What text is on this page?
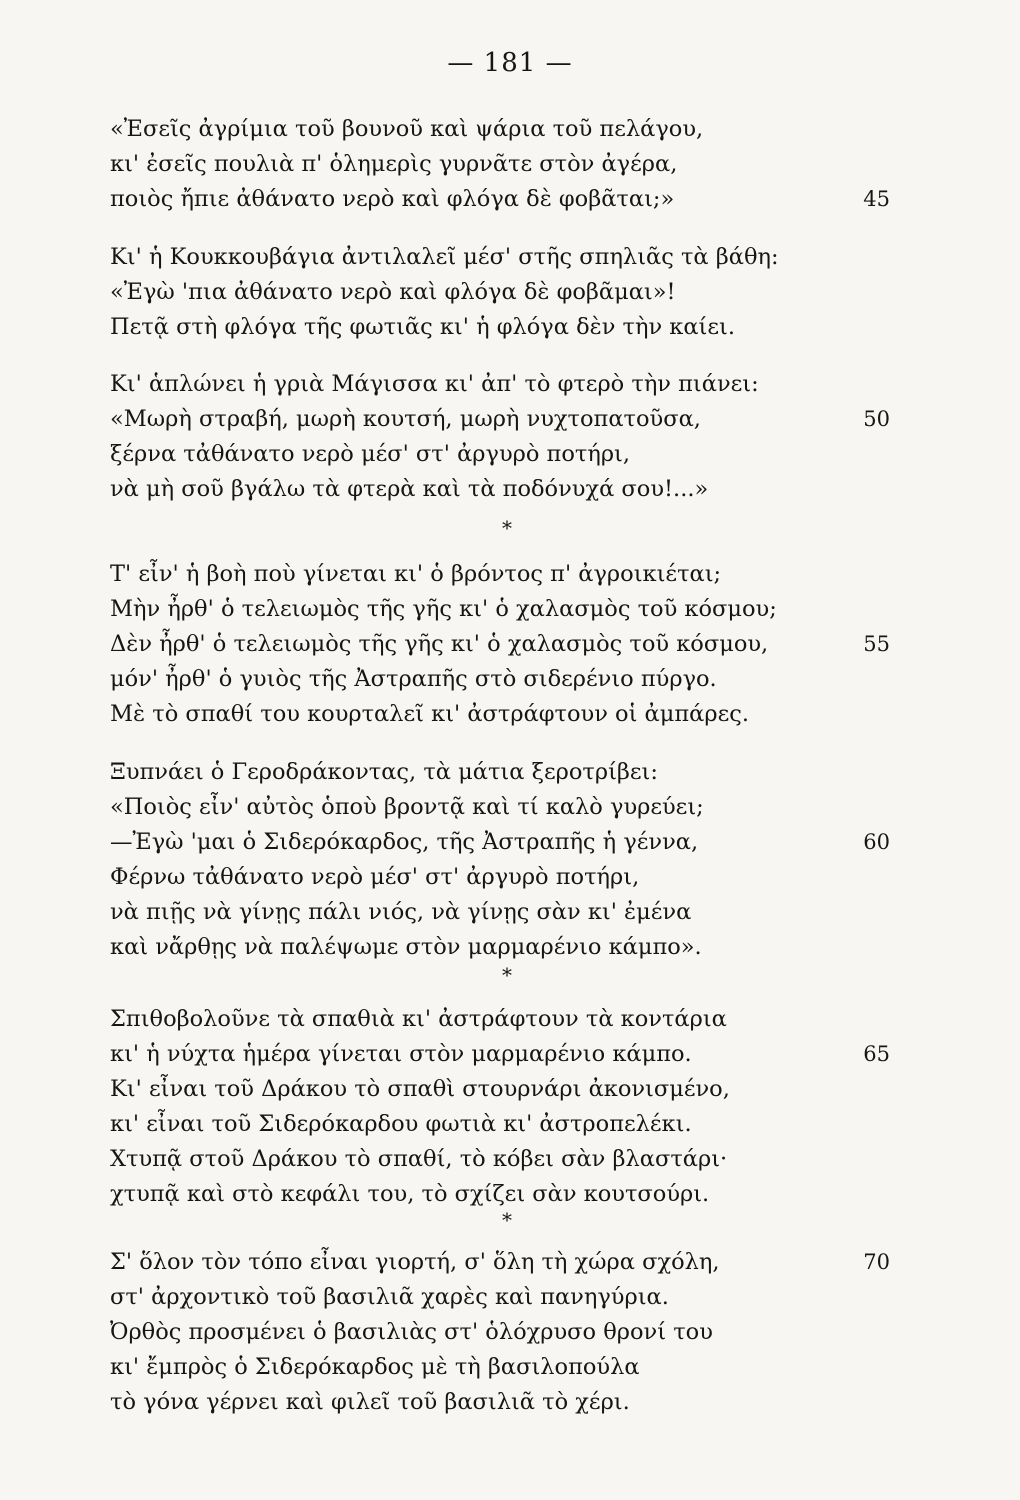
— 181 —
«Ἐσεῖς ἀγρίμια τοῦ βουνοῦ καὶ ψάρια τοῦ πελάγου,
κι' ἐσεῖς πουλιὰ π' ὁλημερὶς γυρνᾶτε στὸν ἀγέρα,
ποιὸς ἤπιε ἀθάνατο νερὸ καὶ φλόγα δὲ φοβᾶται;»	45
Κι' ἡ Κουκκουβάγια ἀντιλαλεῖ μέσ' στῆς σπηλιᾶς τὰ βάθη:
«Ἐγὼ 'πια ἀθάνατο νερὸ καὶ φλόγα δὲ φοβᾶμαι»!
Πετᾷ στὴ φλόγα τῆς φωτιᾶς κι' ἡ φλόγα δὲν τὴν καίει.
Κι' ἁπλώνει ἡ γριὰ Μάγισσα κι' ἀπ' τὸ φτερὸ τὴν πιάνει:
«Μωρὴ στραβή, μωρὴ κουτσή, μωρὴ νυχτοπατοῦσα,	50
ξέρνα τἀθάνατο νερὸ μέσ' στ' ἀργυρὸ ποτήρι,
νὰ μὴ σοῦ βγάλω τὰ φτερὰ καὶ τὰ ποδόνυχά σου!...»
*
Τ' εἶν' ἡ βοὴ ποὺ γίνεται κι' ὁ βρόντος π' ἀγροικιέται;
Μὴν ἦρθ' ὁ τελειωμὸς τῆς γῆς κι' ὁ χαλασμὸς τοῦ κόσμου;
Δὲν ἦρθ' ὁ τελειωμὸς τῆς γῆς κι' ὁ χαλασμὸς τοῦ κόσμου,	55
μόν' ἦρθ' ὁ γυιὸς τῆς Ἀστραπῆς στὸ σιδερένιο πύργο.
Μὲ τὸ σπαθί του κουρταλεῖ κι' ἀστράφτουν οἱ ἀμπάρες.
Ξυπνάει ὁ Γεροδράκοντας, τὰ μάτια ξεροτρίβει:
«Ποιὸς εἶν' αὐτὸς ὁποὺ βροντᾷ καὶ τί καλὸ γυρεύει;
—Ἐγὼ 'μαι ὁ Σιδερόκαρδος, τῆς Ἀστραπῆς ἡ γέννα,	60
Φέρνω τἀθάνατο νερὸ μέσ' στ' ἀργυρὸ ποτήρι,
νὰ πιῇς νὰ γίνῃς πάλι νιός, νὰ γίνῃς σὰν κι' ἐμένα
καὶ νἄρθῃς νὰ παλέψωμε στὸν μαρμαρένιο κάμπο».
*
Σπιθοβολοῦνε τὰ σπαθιὰ κι' ἀστράφτουν τὰ κοντάρια
κι' ἡ νύχτα ἡμέρα γίνεται στὸν μαρμαρένιο κάμπο.	65
Κι' εἶναι τοῦ Δράκου τὸ σπαθὶ στουρνάρι ἀκονισμένο,
κι' εἶναι τοῦ Σιδερόκαρδου φωτιὰ κι' ἀστροπελέκι.
Χτυπᾷ στοῦ Δράκου τὸ σπαθί, τὸ κόβει σὰν βλαστάρι·
χτυπᾷ καὶ στὸ κεφάλι του, τὸ σχίζει σὰν κουτσούρι.
*
Σ' ὅλον τὸν τόπο εἶναι γιορτή, σ' ὅλη τὴ χώρα σχόλη,	70
στ' ἀρχοντικὸ τοῦ βασιλιᾶ χαρὲς καὶ πανηγύρια.
Ὀρθὸς προσμένει ὁ βασιλιὰς στ' ὁλόχρυσο θρονί του
κι' ἔμπρὸς ὁ Σιδερόκαρδος μὲ τὴ βασιλοπούλα
τὸ γόνα γέρνει καὶ φιλεῖ τοῦ βασιλιᾶ τὸ χέρι.
